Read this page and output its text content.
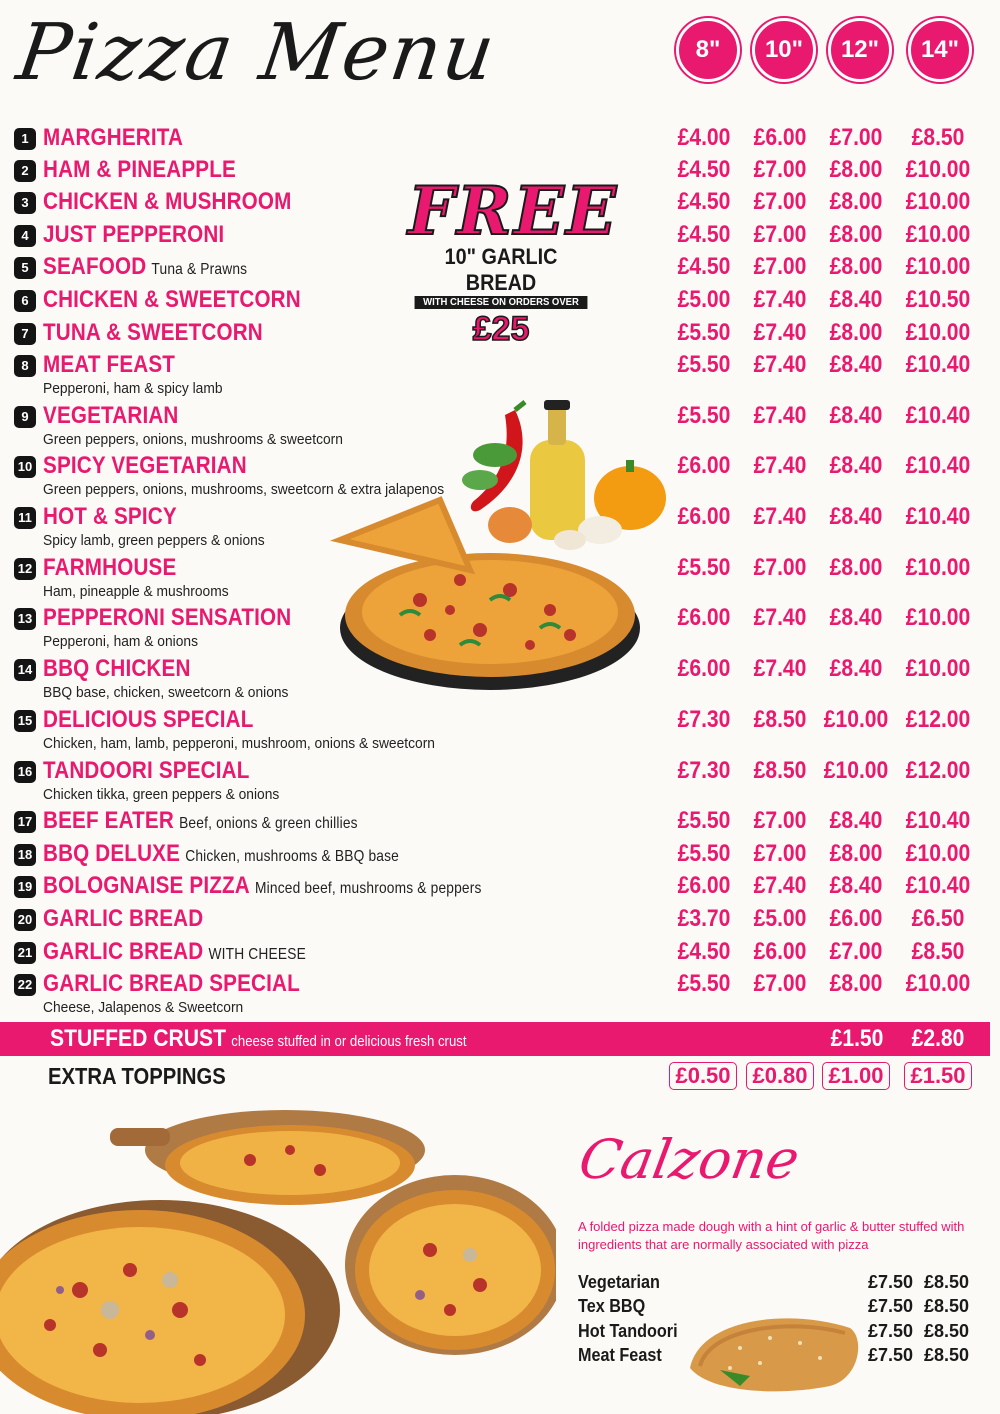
Pizza Menu	8"	10"	12"	14"
1 MARGHERITA	£4.00 £6.00 £7.00	£8.50
2 HAM & PINEAPPLE	£4.50 £7.00 £8.00 £10.00
3 CHICKEN & MUSHROOM	£4.50 £7.00 £8.00 £10.00
4 JUST PEPPERONI	£4.50 £7.00 £8.00 £10.00
5 SEAFOOD Tuna & Prawns	£4.50 £7.00 £8.00 £10.00
6 CHICKEN & SWEETCORN	£5.00 £7.40 £8.40 £10.50
7 TUNA & SWEETCORN	£5.50 £7.40 £8.00 £10.00
8 MEAT FEAST
Pepperoni, ham & spicy lamb
£5.50 £7.40 £8.40 £10.40
9 VEGETARIAN
Green peppers, onions, mushrooms & sweetcorn
£5.50 £7.40 £8.40 £10.40
10 SPICY VEGETARIAN
Green peppers, onions, mushrooms, sweetcorn & extra jalapenos
£6.00 £7.40 £8.40 £10.40
11 HOT & SPICY
Spicy lamb, green peppers & onions
£6.00 £7.40 £8.40 £10.40
12 FARMHOUSE
Ham, pineapple & mushrooms
£5.50 £7.00 £8.00 £10.00
13 PEPPERONI SENSATION
Pepperoni, ham & onions
£6.00 £7.40 £8.40 £10.00
14 BBQ CHICKEN
BBQ base, chicken, sweetcorn & onions
£6.00 £7.40 £8.40 £10.00
15 DELICIOUS SPECIAL
Chicken, ham, lamb, pepperoni, mushroom, onions & sweetcorn
£7.30 £8.50 £10.00 £12.00
16 TANDOORI SPECIAL
Chicken tikka, green peppers & onions
£7.30 £8.50 £10.00 £12.00
17 BEEF EATER Beef, onions & green chillies	£5.50 £7.00 £8.40 £10.40
18 BBQ DELUXE Chicken, mushrooms & BBQ base	£5.50 £7.00 £8.00 £10.00
19 BOLOGNAISE PIZZA Minced beef, mushrooms & peppers	£6.00 £7.40 £8.40 £10.40
20 GARLIC BREAD	£3.70 £5.00 £6.00	£6.50
21 GARLIC BREAD WITH CHEESE	£4.50 £6.00 £7.00	£8.50
22 GARLIC BREAD SPECIAL
Cheese, Jalapenos & Sweetcorn
£5.50 £7.00 £8.00 £10.00
FREE
10" GARLIC BREAD
WITH CHEESE ON ORDERS OVER
£25
STUFFED CRUST cheese stuffed in or delicious fresh crust	£1.50	£2.80
EXTRA TOPPINGS	£0.50 £0.80 £1.00 £1.50
Calzone
A folded pizza made dough with a hint of garlic & butter stuffed with ingredients that are normally associated with pizza
Vegetarian	£7.50 £8.50
Tex BBQ	£7.50 £8.50
Hot Tandoori	£7.50 £8.50
Meat Feast	£7.50 £8.50
